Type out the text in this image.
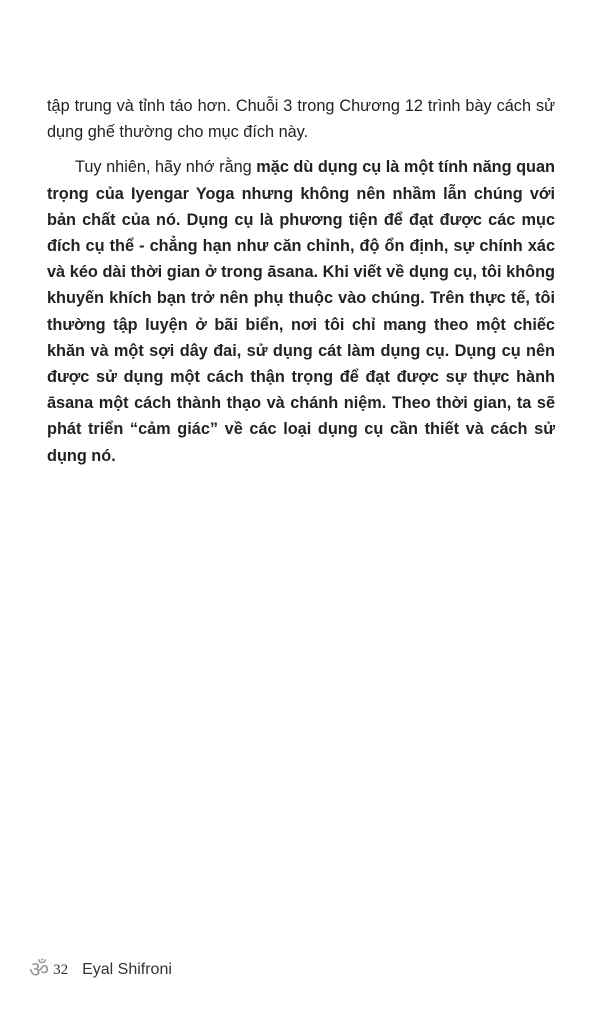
tập trung và tỉnh táo hơn. Chuỗi 3 trong Chương 12 trình bày cách sử dụng ghế thường cho mục đích này.

Tuy nhiên, hãy nhớ rằng mặc dù dụng cụ là một tính năng quan trọng của Iyengar Yoga nhưng không nên nhầm lẫn chúng với bản chất của nó. Dụng cụ là phương tiện để đạt được các mục đích cụ thể - chẳng hạn như căn chỉnh, độ ổn định, sự chính xác và kéo dài thời gian ở trong āsana. Khi viết về dụng cụ, tôi không khuyến khích bạn trở nên phụ thuộc vào chúng. Trên thực tế, tôi thường tập luyện ở bãi biển, nơi tôi chỉ mang theo một chiếc khăn và một sợi dây đai, sử dụng cát làm dụng cụ. Dụng cụ nên được sử dụng một cách thận trọng để đạt được sự thực hành āsana một cách thành thạo và chánh niệm. Theo thời gian, ta sẽ phát triển “cảm giác” về các loại dụng cụ cần thiết và cách sử dụng nó.

ॐ 32 Eyal Shifroni
